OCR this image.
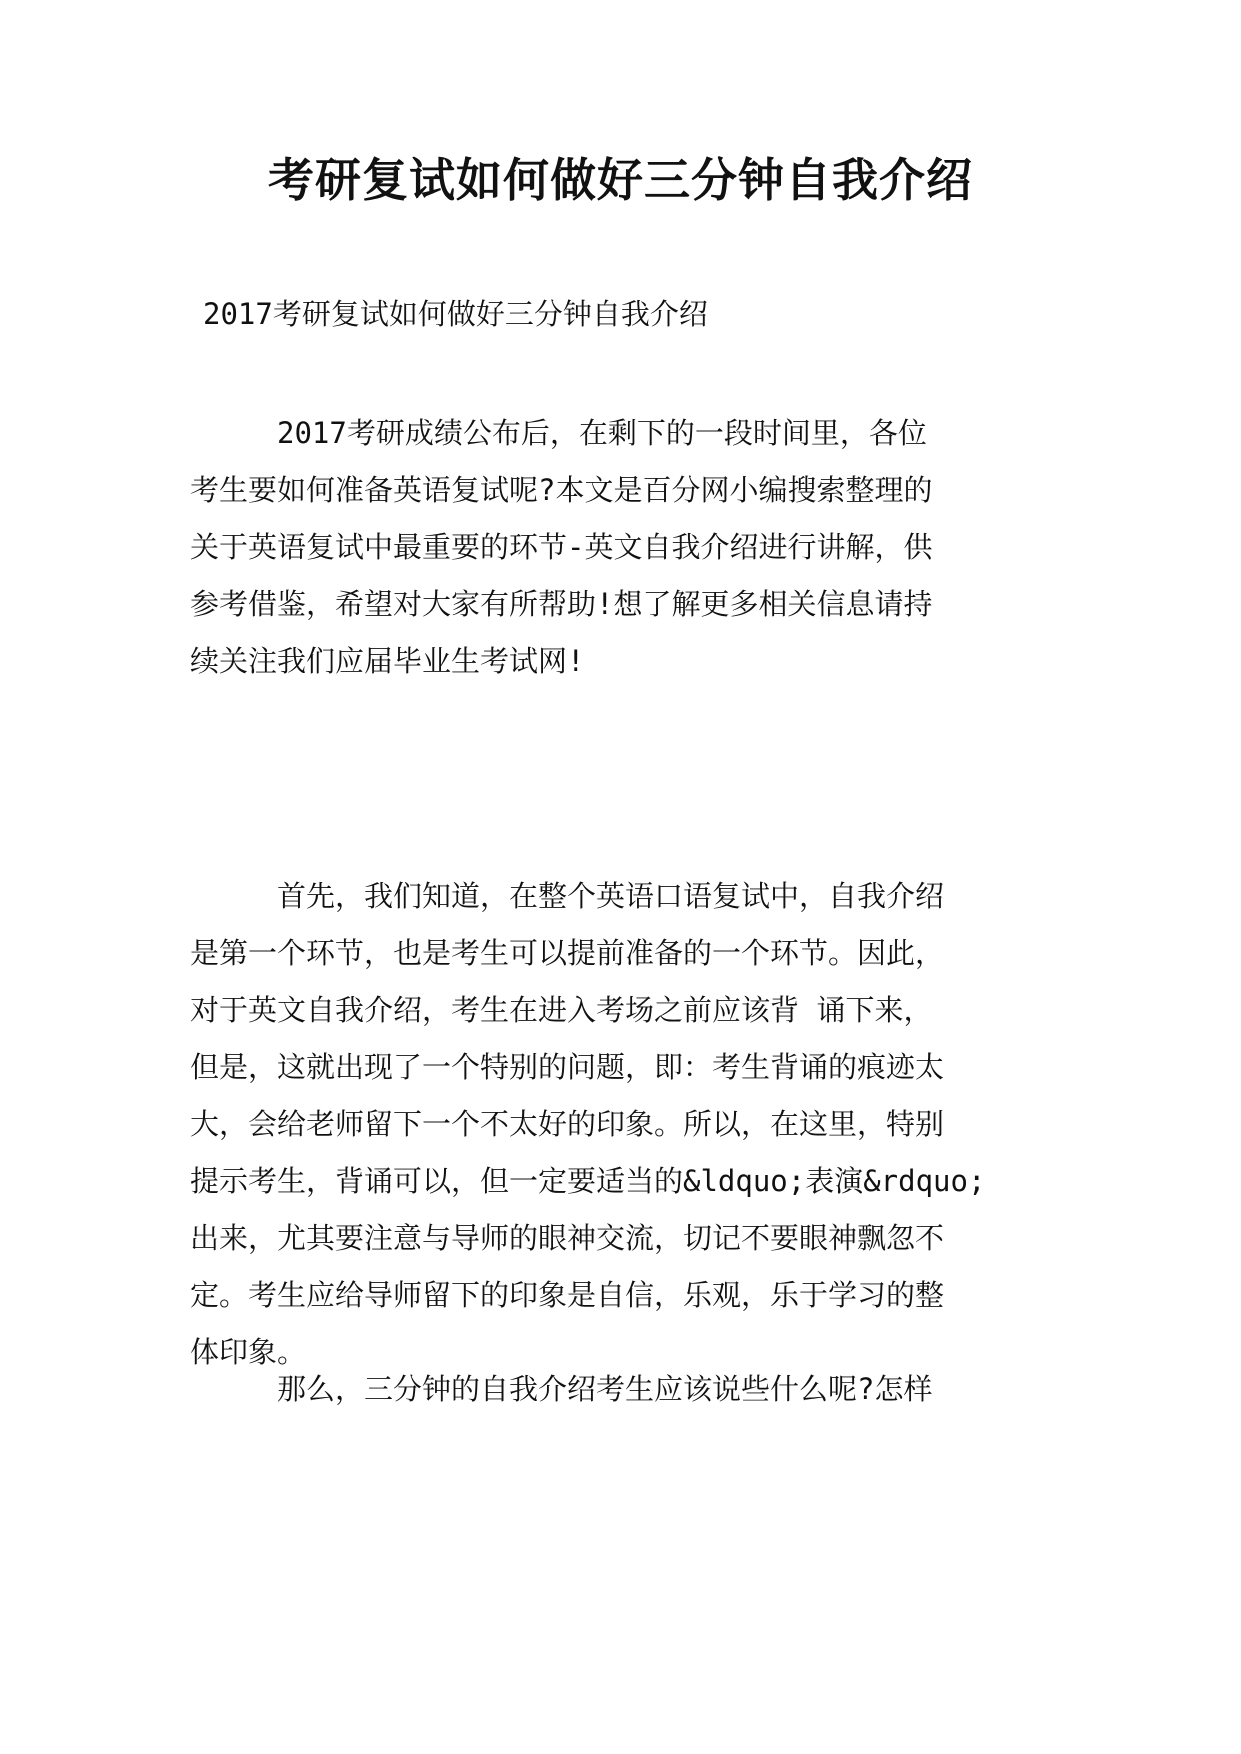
考研复试如何做好三分钟自我介绍

2017考研复试如何做好三分钟自我介绍

　　　2017考研成绩公布后，在剩下的一段时间里，各位
考生要如何准备英语复试呢?本文是百分网小编搜索整理的
关于英语复试中最重要的环节-英文自我介绍进行讲解，供
参考借鉴，希望对大家有所帮助!想了解更多相关信息请持
续关注我们应届毕业生考试网!
　　　首先，我们知道，在整个英语口语复试中，自我介绍
是第一个环节，也是考生可以提前准备的一个环节。因此，
对于英文自我介绍，考生在进入考场之前应该背 诵下来，
但是，这就出现了一个特别的问题，即：考生背诵的痕迹太
大，会给老师留下一个不太好的印象。所以，在这里，特别
提示考生，背诵可以，但一定要适当的&ldquo;表演&rdquo;
出来，尤其要注意与导师的眼神交流，切记不要眼神飘忽不
定。考生应给导师留下的印象是自信，乐观，乐于学习的整
体印象。
　　　那么，三分钟的自我介绍考生应该说些什么呢?怎样
